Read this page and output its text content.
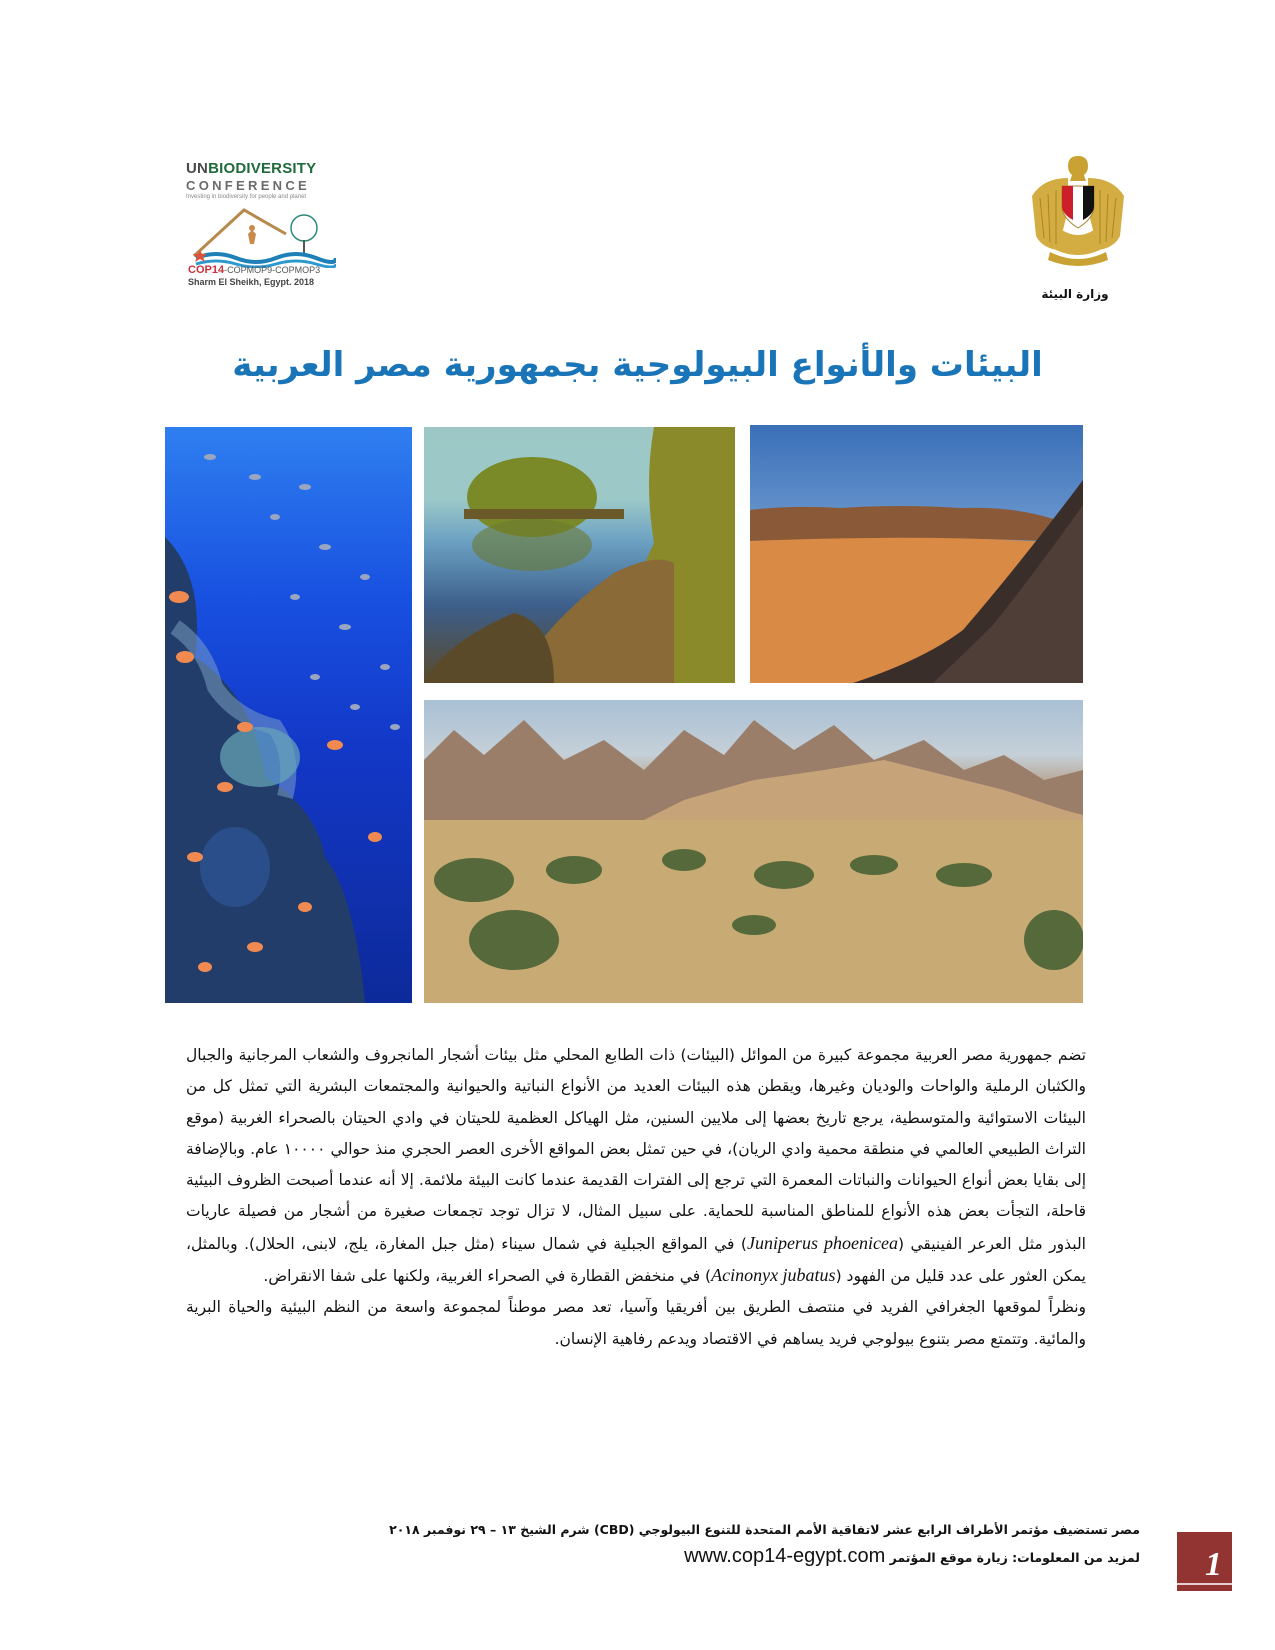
UNBIODIVERSITY
CONFERENCE
Investing in biodiversity for people and planet
COP14-COPMOP9-COPMOP3
Sharm El Sheikh, Egypt. 2018
وزارة البيئة
البيئات والأنواع البيولوجية بجمهورية مصر العربية

تضم جمهورية مصر العربية مجموعة كبيرة من الموائل (البيئات) ذات الطابع المحلي مثل بيئات أشجار المانجروف والشعاب المرجانية والجبال والكثبان الرملية والواحات والوديان وغيرها، ويقطن هذه البيئات العديد من الأنواع النباتية والحيوانية والمجتمعات البشرية التي تمثل كل من البيئات الاستوائية والمتوسطية، يرجع تاريخ بعضها إلى ملايين السنين، مثل الهياكل العظمية للحيتان في وادي الحيتان بالصحراء الغربية (موقع التراث الطبيعي العالمي في منطقة محمية وادي الريان)، في حين تمثل بعض المواقع الأخرى العصر الحجري منذ حوالي ١٠٠٠٠ عام. وبالإضافة إلى بقايا بعض أنواع الحيوانات والنباتات المعمرة التي ترجع إلى الفترات القديمة عندما كانت البيئة ملائمة. إلا أنه عندما أصبحت الظروف البيئية قاحلة، التجأت بعض هذه الأنواع للمناطق المناسبة للحماية. على سبيل المثال، لا تزال توجد تجمعات صغيرة من أشجار من فصيلة عاريات البذور مثل العرعر الفينيقي (Juniperus phoenicea) في المواقع الجبلية في شمال سيناء (مثل جبل المغارة، يلج، لابنى، الحلال). وبالمثل، يمكن العثور على عدد قليل من الفهود (Acinonyx jubatus) في منخفض القطارة في الصحراء الغربية، ولكنها على شفا الانقراض.

ونظراً لموقعها الجغرافي الفريد في منتصف الطريق بين أفريقيا وآسيا، تعد مصر موطناً لمجموعة واسعة من النظم البيئية والحياة البرية والمائية. وتتمتع مصر بتنوع بيولوجي فريد يساهم في الاقتصاد ويدعم رفاهية الإنسان.

مصر تستضيف مؤتمر الأطراف الرابع عشر لاتفاقية الأمم المتحدة للتنوع البيولوجي (CBD) شرم الشيخ ١٣ – ٢٩ نوفمبر ٢٠١٨
لمزيد من المعلومات: زيارة موقع المؤتمر www.cop14-egypt.com	1
